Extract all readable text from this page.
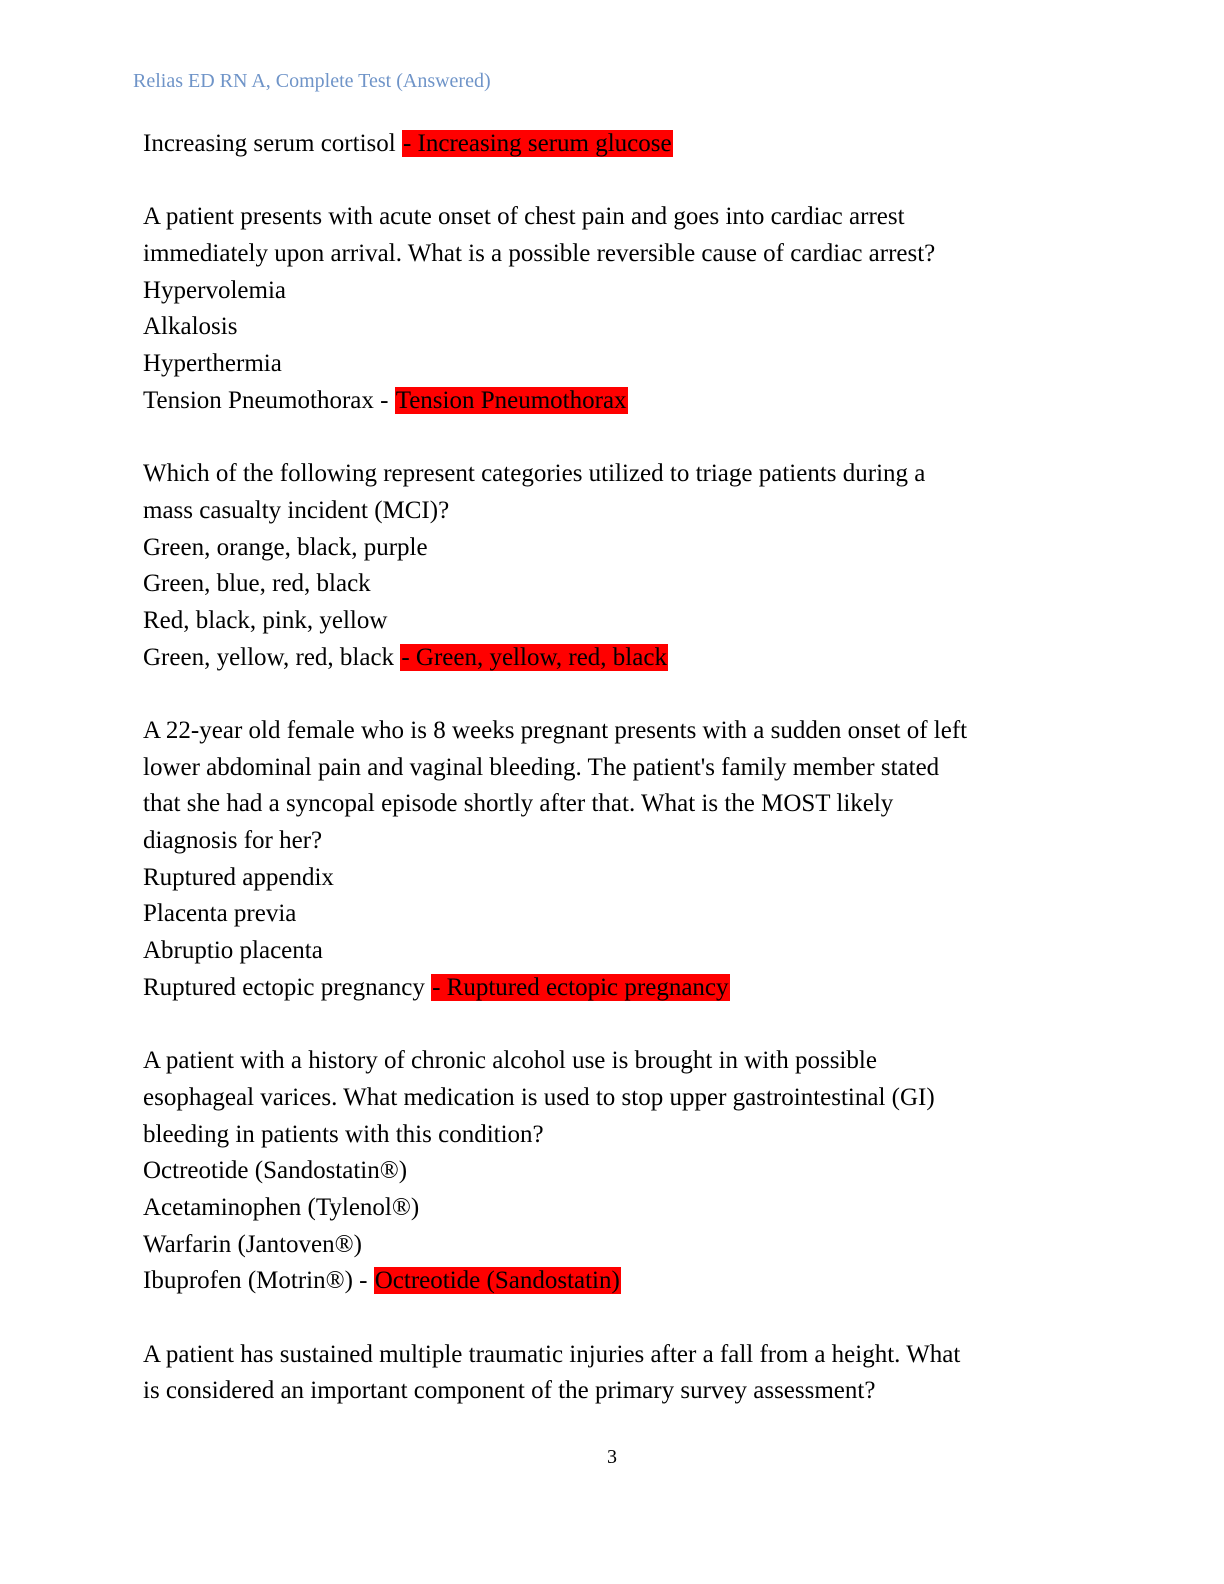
Relias ED RN A, Complete Test (Answered)
Increasing serum cortisol - Increasing serum glucose
A patient presents with acute onset of chest pain and goes into cardiac arrest
immediately upon arrival. What is a possible reversible cause of cardiac arrest?
Hypervolemia
Alkalosis
Hyperthermia
Tension Pneumothorax - Tension Pneumothorax
Which of the following represent categories utilized to triage patients during a
mass casualty incident (MCI)?
Green, orange, black, purple
Green, blue, red, black
Red, black, pink, yellow
Green, yellow, red, black - Green, yellow, red, black
A 22-year old female who is 8 weeks pregnant presents with a sudden onset of left
lower abdominal pain and vaginal bleeding. The patient's family member stated
that she had a syncopal episode shortly after that. What is the MOST likely
diagnosis for her?
Ruptured appendix
Placenta previa
Abruptio placenta
Ruptured ectopic pregnancy - Ruptured ectopic pregnancy
A patient with a history of chronic alcohol use is brought in with possible
esophageal varices. What medication is used to stop upper gastrointestinal (GI)
bleeding in patients with this condition?
Octreotide (Sandostatin®)
Acetaminophen (Tylenol®)
Warfarin (Jantoven®)
Ibuprofen (Motrin®) - Octreotide (Sandostatin)
A patient has sustained multiple traumatic injuries after a fall from a height. What
is considered an important component of the primary survey assessment?
3
